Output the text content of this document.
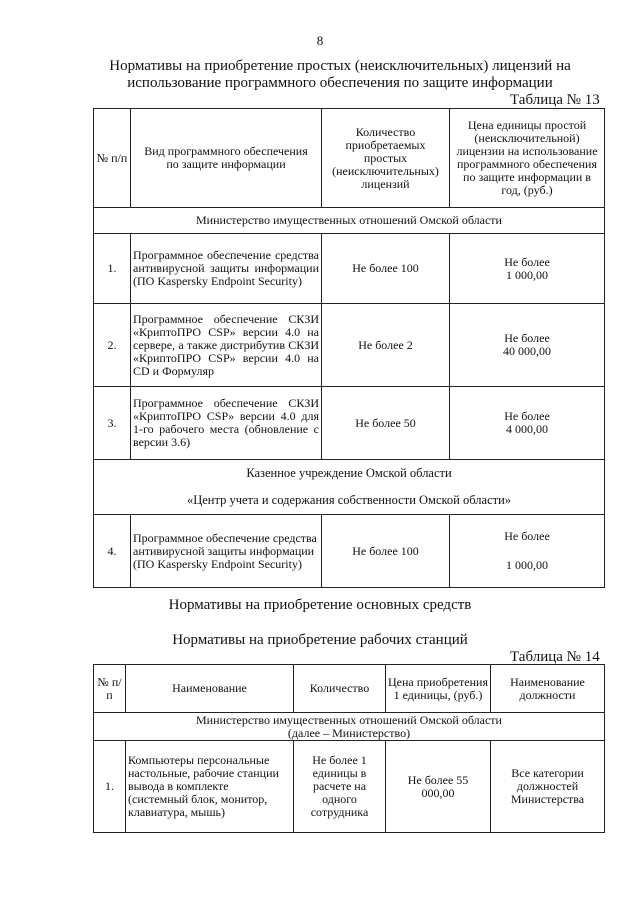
8
Нормативы на приобретение простых (неисключительных) лицензий на
использование программного обеспечения по защите информации
Таблица № 13
№ п/п	Вид программного обеспечения по защите информации	Количество приобретаемых простых (неисключительных) лицензий	Цена единицы простой (неисключительной) лицензии на использование программного обеспечения по защите информации в год, (руб.)
Министерство имущественных отношений Омской области			
1.	Программное обеспечение средства антивирусной защиты информации (ПО Kaspersky Endpoint Security)	Не более 100	Не более
1 000,00

2.	Программное обеспечение СКЗИ «КриптоПРО CSP» версии 4.0 на сервере, а также дистрибутив СКЗИ «КриптоПРО CSP» версии 4.0 на CD и Формуляр	Не более 2	Не более
40 000,00

3.	Программное обеспечение СКЗИ «КриптоПРО CSP» версии 4.0 для 1-го рабочего места (обновление с версии 3.6)	Не более 50	Не более
4 000,00

Казенное учреждение Омской области
«Центр учета и содержания собственности Омской области»			

4.	Программное обеспечение средства антивирусной защиты информации (ПО Kaspersky Endpoint Security)	Не более 100	Не более
1 000,00
Нормативы на приобретение основных средств
Нормативы на приобретение рабочих станций
Таблица № 14
№ п/п	Наименование	Количество	Цена приобретения 1 единицы, (руб.)	Наименование должности

Министерство имущественных отношений Омской области
(далее – Министерство)				

1.	Компьютеры персональные настольные, рабочие станции вывода в комплекте (системный блок, монитор, клавиатура, мышь)	Не более 1 единицы в расчете на одного сотрудника	Не более 55 000,00	Все категории должностей Министерства
